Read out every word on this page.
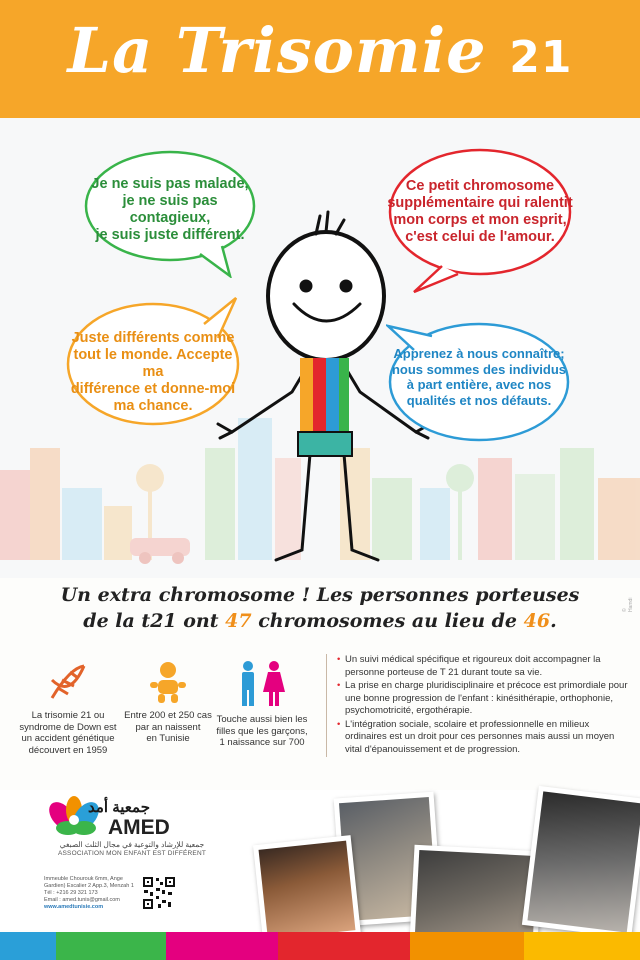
La Trisomie 21
Je ne suis pas malade,
je ne suis pas contagieux,
je suis juste différent.
Ce petit chromosome
supplémentaire qui ralentit
mon corps et mon esprit,
c'est celui de l'amour.
Juste différents comme
tout le monde. Accepte ma
différence et donne-moi
ma chance.
Apprenez à nous connaître;
nous sommes des individus
à part entière, avec nos
qualités et nos défauts.
Un extra chromosome ! Les personnes porteuses
de la t21 ont 47 chromosomes au lieu de 46.	© Hamdi
La trisomie 21 ou
syndrome de Down est
un accident génétique
découvert en 1959
Entre 200 et 250 cas
par an naissent
en Tunisie
Touche aussi bien les
filles que les garçons,
1 naissance sur 700
• Un suivi médical spécifique et rigoureux doit accompagner la personne porteuse de T 21 durant toute sa vie.
• La prise en charge pluridisciplinaire et précoce est primordiale pour une bonne progression de l'enfant : kinésithérapie, orthophonie, psychomotricité, ergothérapie.
• L'intégration sociale, scolaire et professionnelle en milieux ordinaires est un droit pour ces personnes mais aussi un moyen vital d'épanouissement et de progression.
جمعية أمد
AMED
جمعية للإرشاد والتوعية في مجال الثلث الصبغي
ASSOCIATION MON ENFANT EST DIFFÉRENT
Immeuble Chourouk 6mm, Ange
Gardien) Escalier 2 App.3, Menzah 1
Tél : +216 29 321 173
Email : amed.tunis@gmail.com
www.amedtunisie.com
